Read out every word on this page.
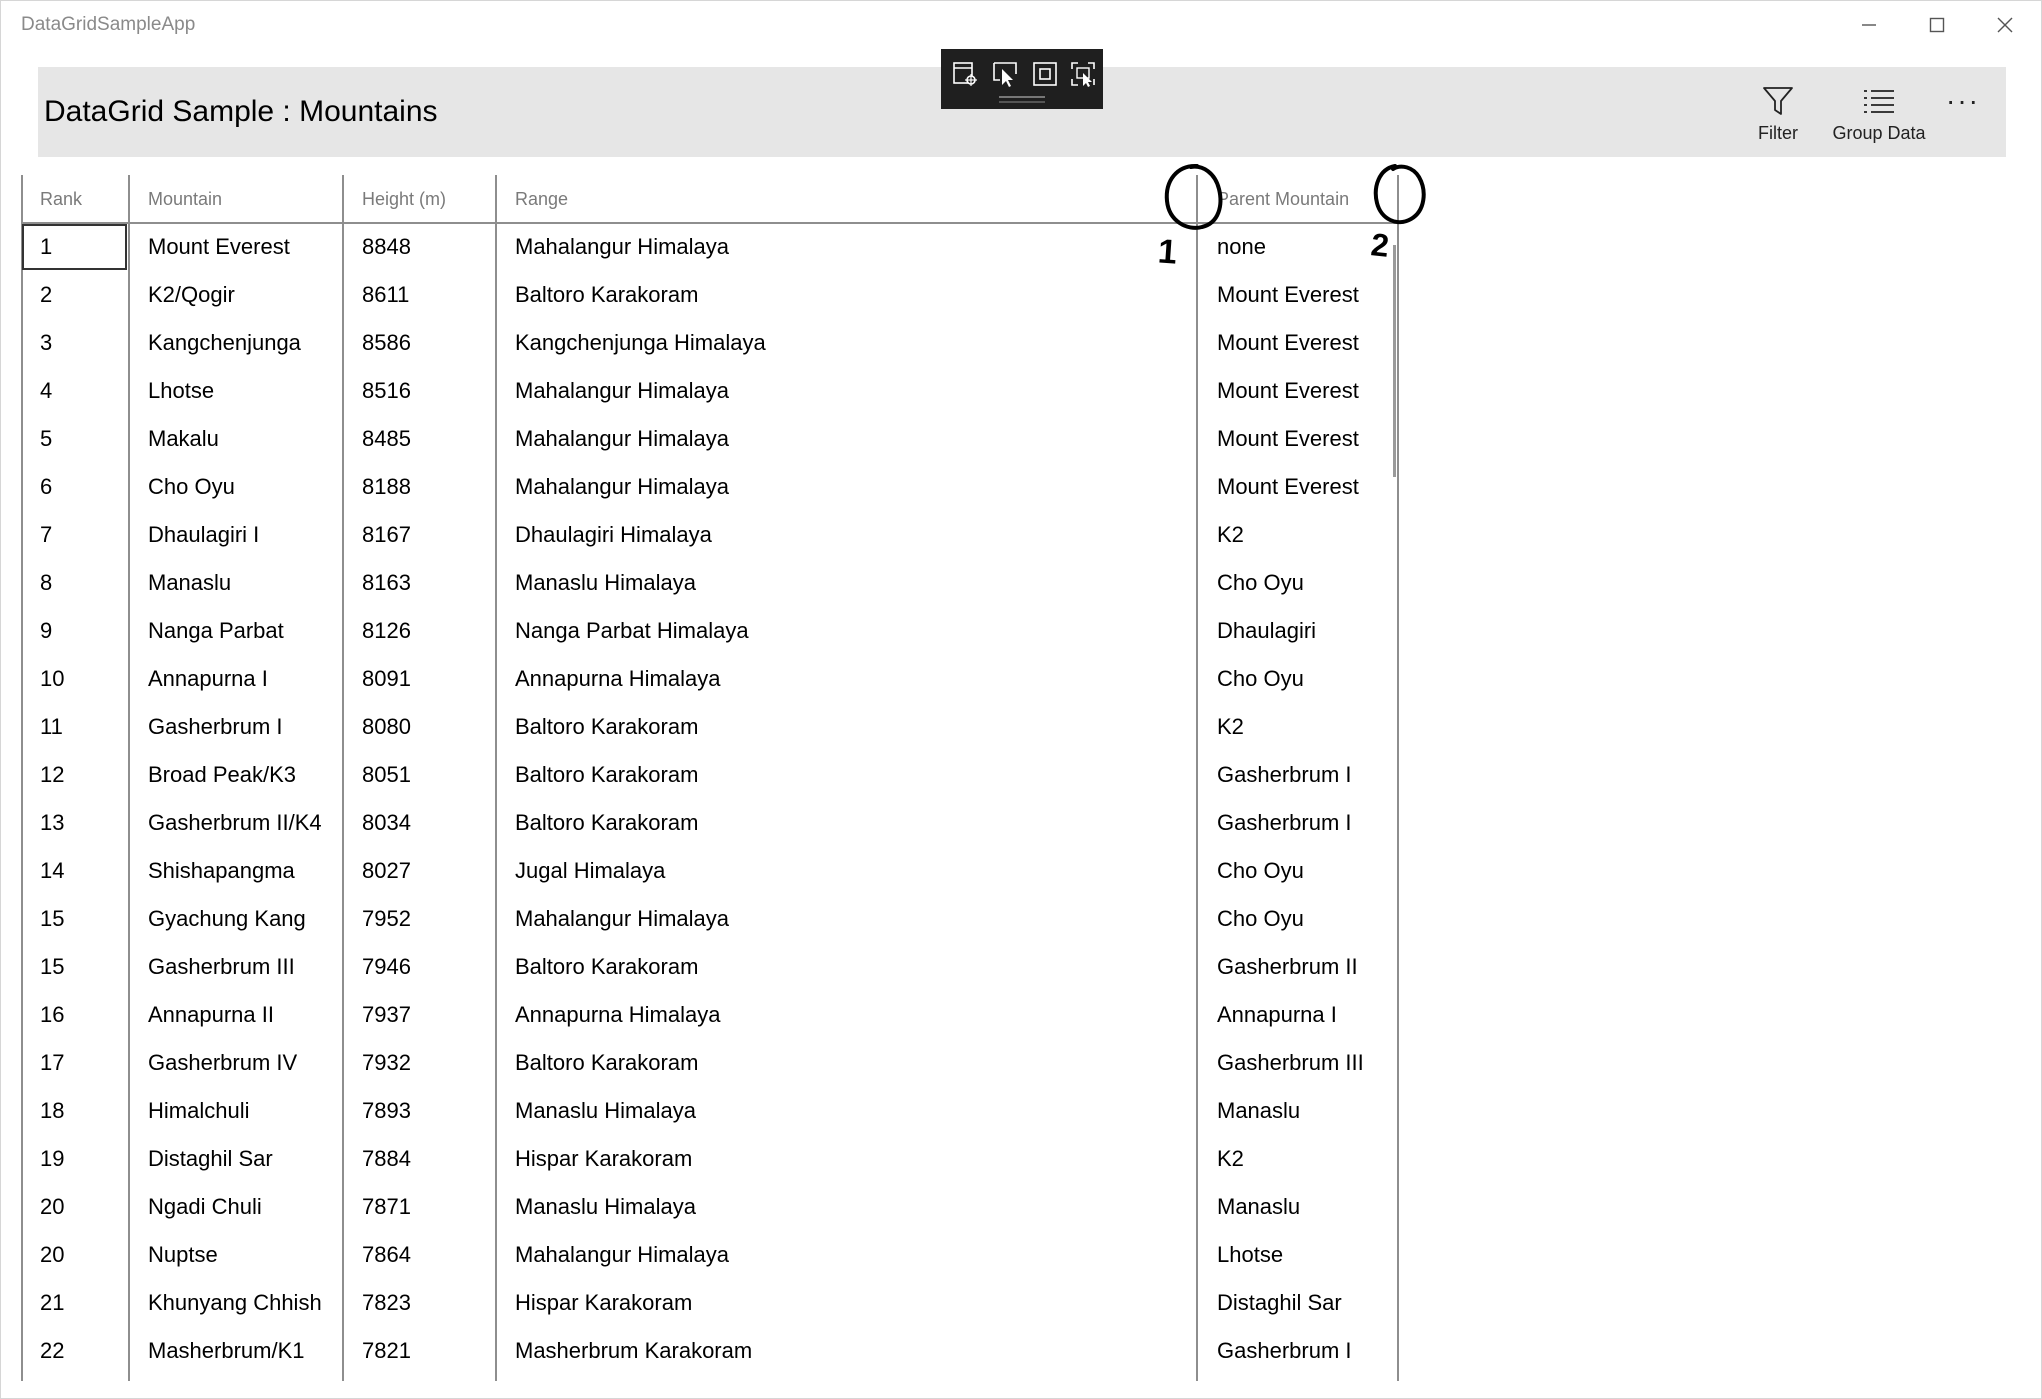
DataGridSampleApp
DataGrid Sample : Mountains
Filter Group Data
···
Rank	Mountain	Height (m)	Range	Parent Mountain
1	Mount Everest	8848	Mahalangur Himalaya	none
2	K2/Qogir	8611	Baltoro Karakoram	Mount Everest
3	Kangchenjunga	8586	Kangchenjunga Himalaya	Mount Everest
4	Lhotse	8516	Mahalangur Himalaya	Mount Everest
5	Makalu	8485	Mahalangur Himalaya	Mount Everest
6	Cho Oyu	8188	Mahalangur Himalaya	Mount Everest
7	Dhaulagiri I	8167	Dhaulagiri Himalaya	K2
8	Manaslu	8163	Manaslu Himalaya	Cho Oyu
9	Nanga Parbat	8126	Nanga Parbat Himalaya	Dhaulagiri
10	Annapurna I	8091	Annapurna Himalaya	Cho Oyu
11	Gasherbrum I	8080	Baltoro Karakoram	K2
12	Broad Peak/K3	8051	Baltoro Karakoram	Gasherbrum I
13	Gasherbrum II/K4	8034	Baltoro Karakoram	Gasherbrum I
14	Shishapangma	8027	Jugal Himalaya	Cho Oyu
15	Gyachung Kang	7952	Mahalangur Himalaya	Cho Oyu
15	Gasherbrum III	7946	Baltoro Karakoram	Gasherbrum II
16	Annapurna II	7937	Annapurna Himalaya	Annapurna I
17	Gasherbrum IV	7932	Baltoro Karakoram	Gasherbrum III
18	Himalchuli	7893	Manaslu Himalaya	Manaslu
19	Distaghil Sar	7884	Hispar Karakoram	K2
20	Ngadi Chuli	7871	Manaslu Himalaya	Manaslu
20	Nuptse	7864	Mahalangur Himalaya	Lhotse
21	Khunyang Chhish	7823	Hispar Karakoram	Distaghil Sar
22	Masherbrum/K1	7821	Masherbrum Karakoram	Gasherbrum I
1	2
